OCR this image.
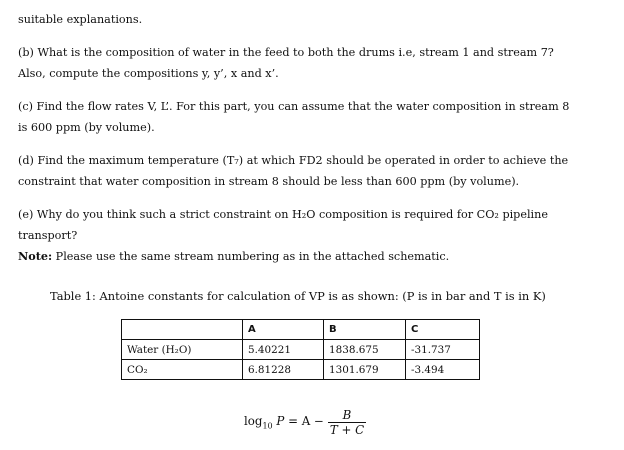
suitable explanations.
(b) What is the composition of water in the feed to both the drums i.e, stream 1 and stream 7?
Also, compute the compositions y, y’, x and x’.
(c) Find the flow rates V, L’. For this part, you can assume that the water composition in stream 8
is 600 ppm (by volume).
(d) Find the maximum temperature (T₇) at which FD2 should be operated in order to achieve the
constraint that water composition in stream 8 should be less than 600 ppm (by volume).
(e) Why do you think such a strict constraint on H₂O composition is required for CO₂ pipeline
transport?
Note: Please use the same stream numbering as in the attached schematic.
Table 1: Antoine constants for calculation of VP is as shown: (P is in bar and T is in K)
	A	B	C
Water (H₂O)	5.40221	1838.675	-31.737
CO₂	6.81228	1301.679	-3.494
$\log_{10} P = A - \frac{B}{T + C}$
